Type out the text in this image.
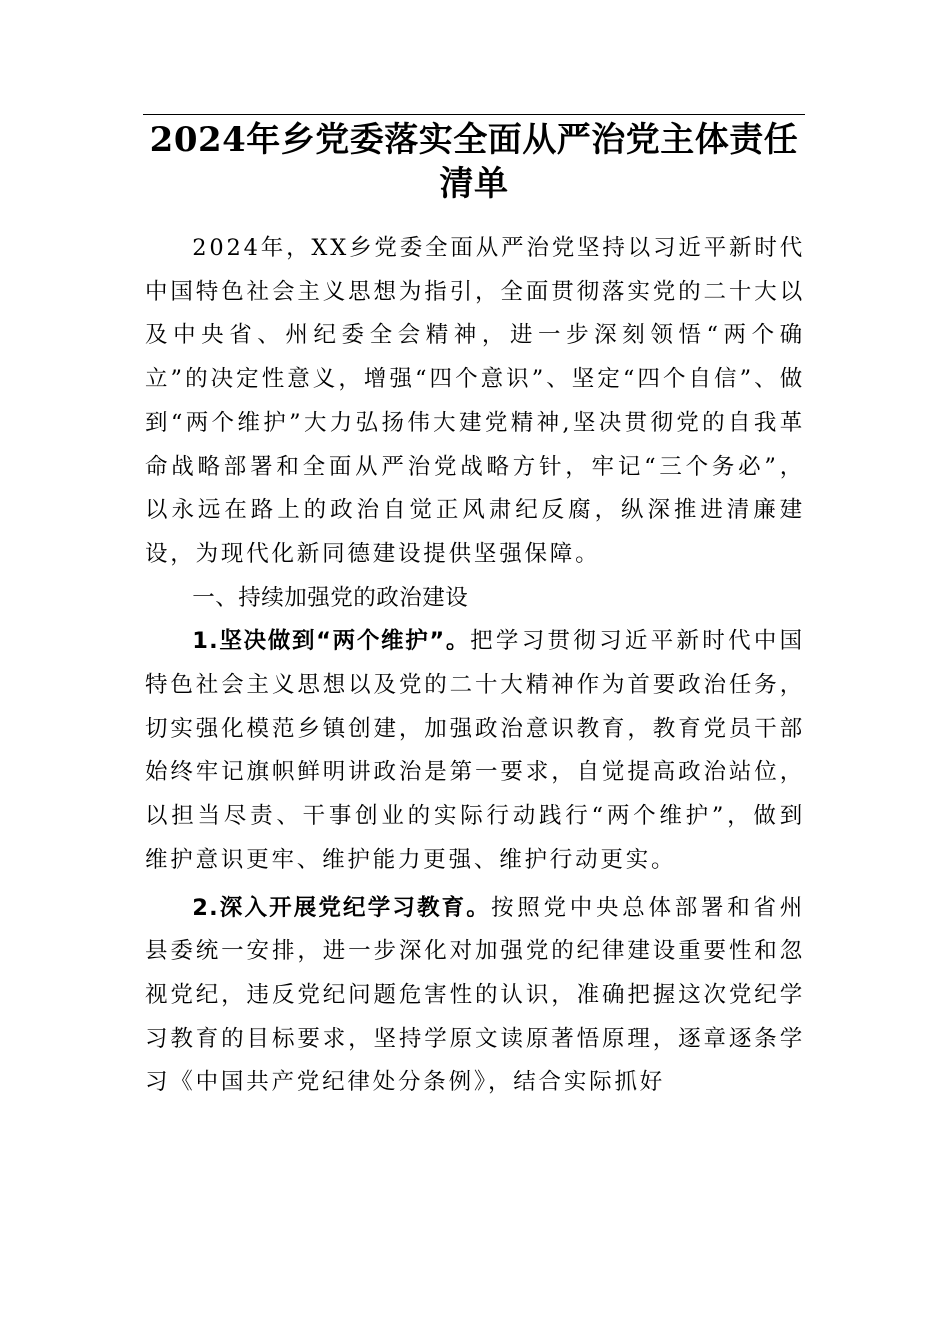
2024年乡党委落实全面从严治党主体责任
清单

2024年，XX乡党委全面从严治党坚持以习近平新时代中国特色社会主义思想为指引，全面贯彻落实党的二十大以及中央省、州纪委全会精神，进一步深刻领悟“两个确立”的决定性意义，增强“四个意识”、坚定“四个自信”、做到“两个维护”大力弘扬伟大建党精神,坚决贯彻党的自我革命战略部署和全面从严治党战略方针，牢记“三个务必”，以永远在路上的政治自觉正风肃纪反腐，纵深推进清廉建设，为现代化新同德建设提供坚强保障。

一、持续加强党的政治建设

1.坚决做到“两个维护”。把学习贯彻习近平新时代中国特色社会主义思想以及党的二十大精神作为首要政治任务，切实强化模范乡镇创建，加强政治意识教育，教育党员干部始终牢记旗帜鲜明讲政治是第一要求，自觉提高政治站位，以担当尽责、干事创业的实际行动践行“两个维护”，做到维护意识更牢、维护能力更强、维护行动更实。

2.深入开展党纪学习教育。按照党中央总体部署和省州县委统一安排，进一步深化对加强党的纪律建设重要性和忽视党纪，违反党纪问题危害性的认识，准确把握这次党纪学习教育的目标要求，坚持学原文读原著悟原理，逐章逐条学习《中国共产党纪律处分条例》，结合实际抓好
